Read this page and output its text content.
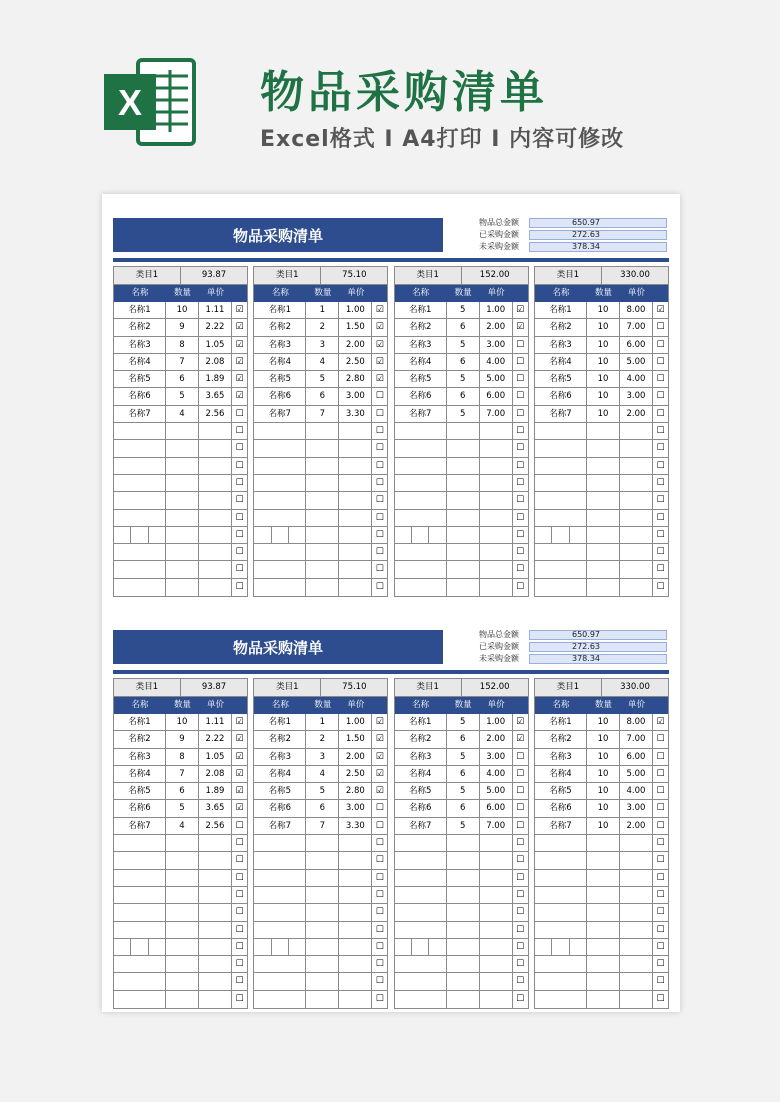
X	物品采购清单
Excel格式 I A4打印 I 内容可修改
物品采购清单
物品总金额	650.97
已采购金额	272.63
未采购金额	378.34
类目1	93.87
名称	数量	单价
名称1	10	1.11	☑
名称2	9	2.22	☑
名称3	8	1.05	☑
名称4	7	2.08	☑
名称5	6	1.89	☑
名称6	5	3.65	☑
名称7	4	2.56	☐
☐
☐
☐
☐
☐
☐
☐
☐
☐
☐
类目1	75.10
名称	数量	单价
名称1	1	1.00	☑
名称2	2	1.50	☑
名称3	3	2.00	☑
名称4	4	2.50	☑
名称5	5	2.80	☑
名称6	6	3.00	☐
名称7	7	3.30	☐
☐
☐
☐
☐
☐
☐
☐
☐
☐
☐
类目1	152.00
名称	数量	单价
名称1	5	1.00	☑
名称2	6	2.00	☑
名称3	5	3.00	☐
名称4	6	4.00	☐
名称5	5	5.00	☐
名称6	6	6.00	☐
名称7	5	7.00	☐
☐
☐
☐
☐
☐
☐
☐
☐
☐
☐
类目1	330.00
名称	数量	单价
名称1	10	8.00	☑
名称2	10	7.00	☐
名称3	10	6.00	☐
名称4	10	5.00	☐
名称5	10	4.00	☐
名称6	10	3.00	☐
名称7	10	2.00	☐
☐
☐
☐
☐
☐
☐
☐
☐
☐
☐
物品采购清单
物品总金额	650.97
已采购金额	272.63
未采购金额	378.34
类目1	93.87
名称	数量	单价
名称1	10	1.11	☑
名称2	9	2.22	☑
名称3	8	1.05	☑
名称4	7	2.08	☑
名称5	6	1.89	☑
名称6	5	3.65	☑
名称7	4	2.56	☐
☐
☐
☐
☐
☐
☐
☐
☐
☐
☐
类目1	75.10
名称	数量	单价
名称1	1	1.00	☑
名称2	2	1.50	☑
名称3	3	2.00	☑
名称4	4	2.50	☑
名称5	5	2.80	☑
名称6	6	3.00	☐
名称7	7	3.30	☐
☐
☐
☐
☐
☐
☐
☐
☐
☐
☐
类目1	152.00
名称	数量	单价
名称1	5	1.00	☑
名称2	6	2.00	☑
名称3	5	3.00	☐
名称4	6	4.00	☐
名称5	5	5.00	☐
名称6	6	6.00	☐
名称7	5	7.00	☐
☐
☐
☐
☐
☐
☐
☐
☐
☐
☐
类目1	330.00
名称	数量	单价
名称1	10	8.00	☑
名称2	10	7.00	☐
名称3	10	6.00	☐
名称4	10	5.00	☐
名称5	10	4.00	☐
名称6	10	3.00	☐
名称7	10	2.00	☐
☐
☐
☐
☐
☐
☐
☐
☐
☐
☐
